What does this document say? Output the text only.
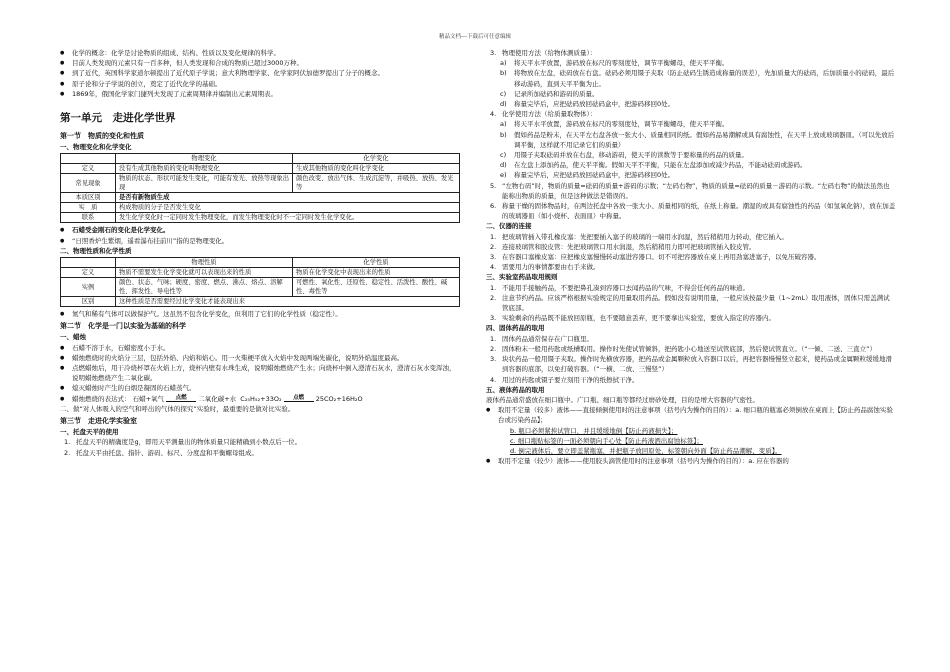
精品文档---下载后可任意编辑

● 化学的概念：化学是讨论物质的组成、结构、性质以及变化规律的科学。

● 目前人类发现的元素只有一百多种，但人类发现和合成的物质已超过3000万种。

● 到了近代，英国科学家道尔顿提出了近代原子学说；意大利物理学家、化学家阿伏加德罗提出了分子的概念。

● 原子论和分子学说的创立，奠定了近代化学的基础。

● 1869年，俄国化学家门捷列夫发现了元素周期律并编制出元素周期表。

第一单元　走进化学世界

第一节　物质的变化和性质

一、物理变化和化学变化

	物理变化	化学变化
定义	没有生成其他物质的变化叫物理变化	生成其他物质的变化叫化学变化
常见现象	物质的状态、形状可能发生变化，可能有发光、放热等现象出现	颜色改变、放出气体、生成沉淀等，并吸热、放热、发光等
本质区别	是否有新物质生成	
实　质	构成物质的分子是否发生变化	
联系	发生化学变化时一定同时发生物理变化，而发生物理变化时不一定同时发生化学变化。	

● 石蜡受金刚石的变化是化学变化。

● “日照香炉生紫烟，遥看瀑布挂前川”指的是物理变化。

二、物理性质和化学性质

	物理性质	化学性质
定义	物质不需要发生化学变化就可以表现出来的性质	物质在化学变化中表现出来的性质
实例	颜色、状态、气味；硬度、密度、燃点、沸点、熔点、溶解性、挥发性、导电性等	可燃性、氧化性、还原性、稳定性、活泼性、酸性、碱性、毒性等
区别	这种性质是否需要经过化学变化才能表现出来	

● 氮气和稀有气体可以做保护气。这虽然不包含化学变化，但利用了它们的化学性质（稳定性）。

第二节　化学是一门以实验为基础的科学

一、蜡烛

● 石蜡不溶于水，石蜡密度小于水。

● 蜡烛燃烧时的火焰分三层，包括外焰、内焰和焰心。用一火柴梗平放入火焰中发现两端先碳化，说明外焰温度最高。

● 点燃蜡烛后，用干冷烧杯罩在火焰上方，烧杯内壁有水珠生成，说明蜡烛燃烧产生水；向烧杯中倒入澄清石灰水，澄清石灰水变浑浊，说明蜡烛燃烧产生二氧化碳。

● 熄灭蜡烛时产生的白烟是凝固的石蜡蒸气。

● 蜡烛燃烧的表达式： 石蜡+氧气	点燃	二氧化碳+水 C₂₅H₅₂+33O₂	点燃	25CO₂+16H₂O

二、做“对人体吸入的空气和呼出的气体的探究”实验时，最重要的是做对比实验。

第三节　走进化学实验室

一、托盘天平的使用

1. 托盘天平的精确度是g，即用天平测量出的物体质量只能精确到小数点后一位。

2. 托盘天平由托盘、指针、游码、标尺、分度盘和平衡螺母组成。

3. 物理使用方法（给物体测质量）：

a) 将天平水平放置，游码放在标尺的零刻度处，调节平衡螺母，使天平平衡。

b) 将物放在左盘，砝码放在右盘。砝码必须用镊子夹取（防止砝码生锈造成称量的误差），先加质量大的砝码，后加质量小的砝码，最后移动游码，直到天平平衡为止。

c) 记录所加砝码和游码的质量。

d) 称量完毕后，应把砝码放回砝码盒中，把游码移回0处。

4. 化学使用方法（给质量取物体）：

a) 将天平水平放置，游码放在标尺的零刻度处，调节平衡螺母，使天平平衡。

b) 假如药品是粉末，在天平左右盘各放一张大小、质量相同的纸。假如药品易潮解或具有腐蚀性，在天平上放成玻璃器皿。（可以先放后调平衡，这样就不用记录它们的质量）

c) 用镊子夹取砝码并放在右盘，移动游码，使天平的读数等于要称量的药品的质量。

d) 在左盘上添加药品，使天平平衡。假如天平不平衡，只能在左盘添加或减少药品，不能动砝码或游码。

e) 称量完毕后，应把砝码放回砝码盒中，把游码移回0处。

5. “左物右码”时，物质的质量=砝码的质量+游码的示数；“左码右物”，物质的质量=砝码的质量－游码的示数。“左码右物”的做法虽然也能称出物质的质量，但是这种做法是错误的。

6. 称量干燥的固体物品时，在两边托盘中各放一张大小、质量相同的纸，在纸上称量。潮湿的或具有腐蚀性的药品（如氢氧化钠），放在加盖的玻璃器皿（如小烧杯、表面皿）中称量。

二、仪器的连接

1. 把玻璃管插入带孔橡皮塞：先把要插入塞子的玻璃的一端用水润湿，然后稍稍用力转动，使它插入。

2. 连接玻璃管和胶皮管：先把玻璃管口用水润湿，然后稍稍用力即可把玻璃管插入胶皮管。

3. 在容器口塞橡皮塞：应把橡皮塞慢慢转动塞进容器口。切不可把容器放在桌上再用劲塞进塞子，以免压破容器。

4. 需要用力的事情都要由右手来做。

三、实验室药品取用规则

1. 不能用手接触药品，不要把鼻孔凑到容器口去闻药品的气味，不得尝任何药品的味道。

2. 注意节约药品。应该严格根据实验规定的用量取用药品。假如没有说明用量，一般应该按最少量（1~2mL）取用液体，固体只需盖满试管底部。

3. 实验剩余的药品既不能放回原瓶，也不要随意丢弃，更不要拿出实验室，要放入指定的容器内。

四、固体药品的取用

1. 固体药品通常保存在广口瓶里。

2. 固体粉末一般用药匙或纸槽取用。操作时先使试管倾斜，把药匙小心地送至试管底部，然后使试管直立。（“一倾、二送、三直立”）

3. 块状药品一般用镊子夹取。操作时先横放容器，把药品或金属颗粒放入容器口以后，再把容器慢慢竖立起来，使药品或金属颗粒缓缓地滑到容器的底部，以免打破容器。（“一横、二放、三慢竖”）

4. 用过的药匙或镊子要立刻用干净的纸擦拭干净。

五、液体药品的取用

液体药品通常盛放在细口瓶中。广口瓶、细口瓶等都经过磨砂处理，目的是增大容器的气密性。

● 取用不定量（较多）液体——直接倾倒使用时的注意事项（括号内为操作的目的）：a. 细口瓶的瓶塞必须倒放在桌面上【防止药品腐蚀实验台或污染药品】；

b. 瓶口必须紧挨试管口，并且缓缓地倒【防止药液损失】；

c. 细口瓶贴标签的一面必须朝向手心处【防止药液洒出腐蚀标签】；

d. 倒完液体后，要立即盖紧瓶塞，并把瓶子放回原处，标签朝向外面【防止药品潮解、变质】。

● 取用不定量（较少）液体——使用胶头滴管使用时的注意事项（括号内为操作的目的）：a. 应在容器的
